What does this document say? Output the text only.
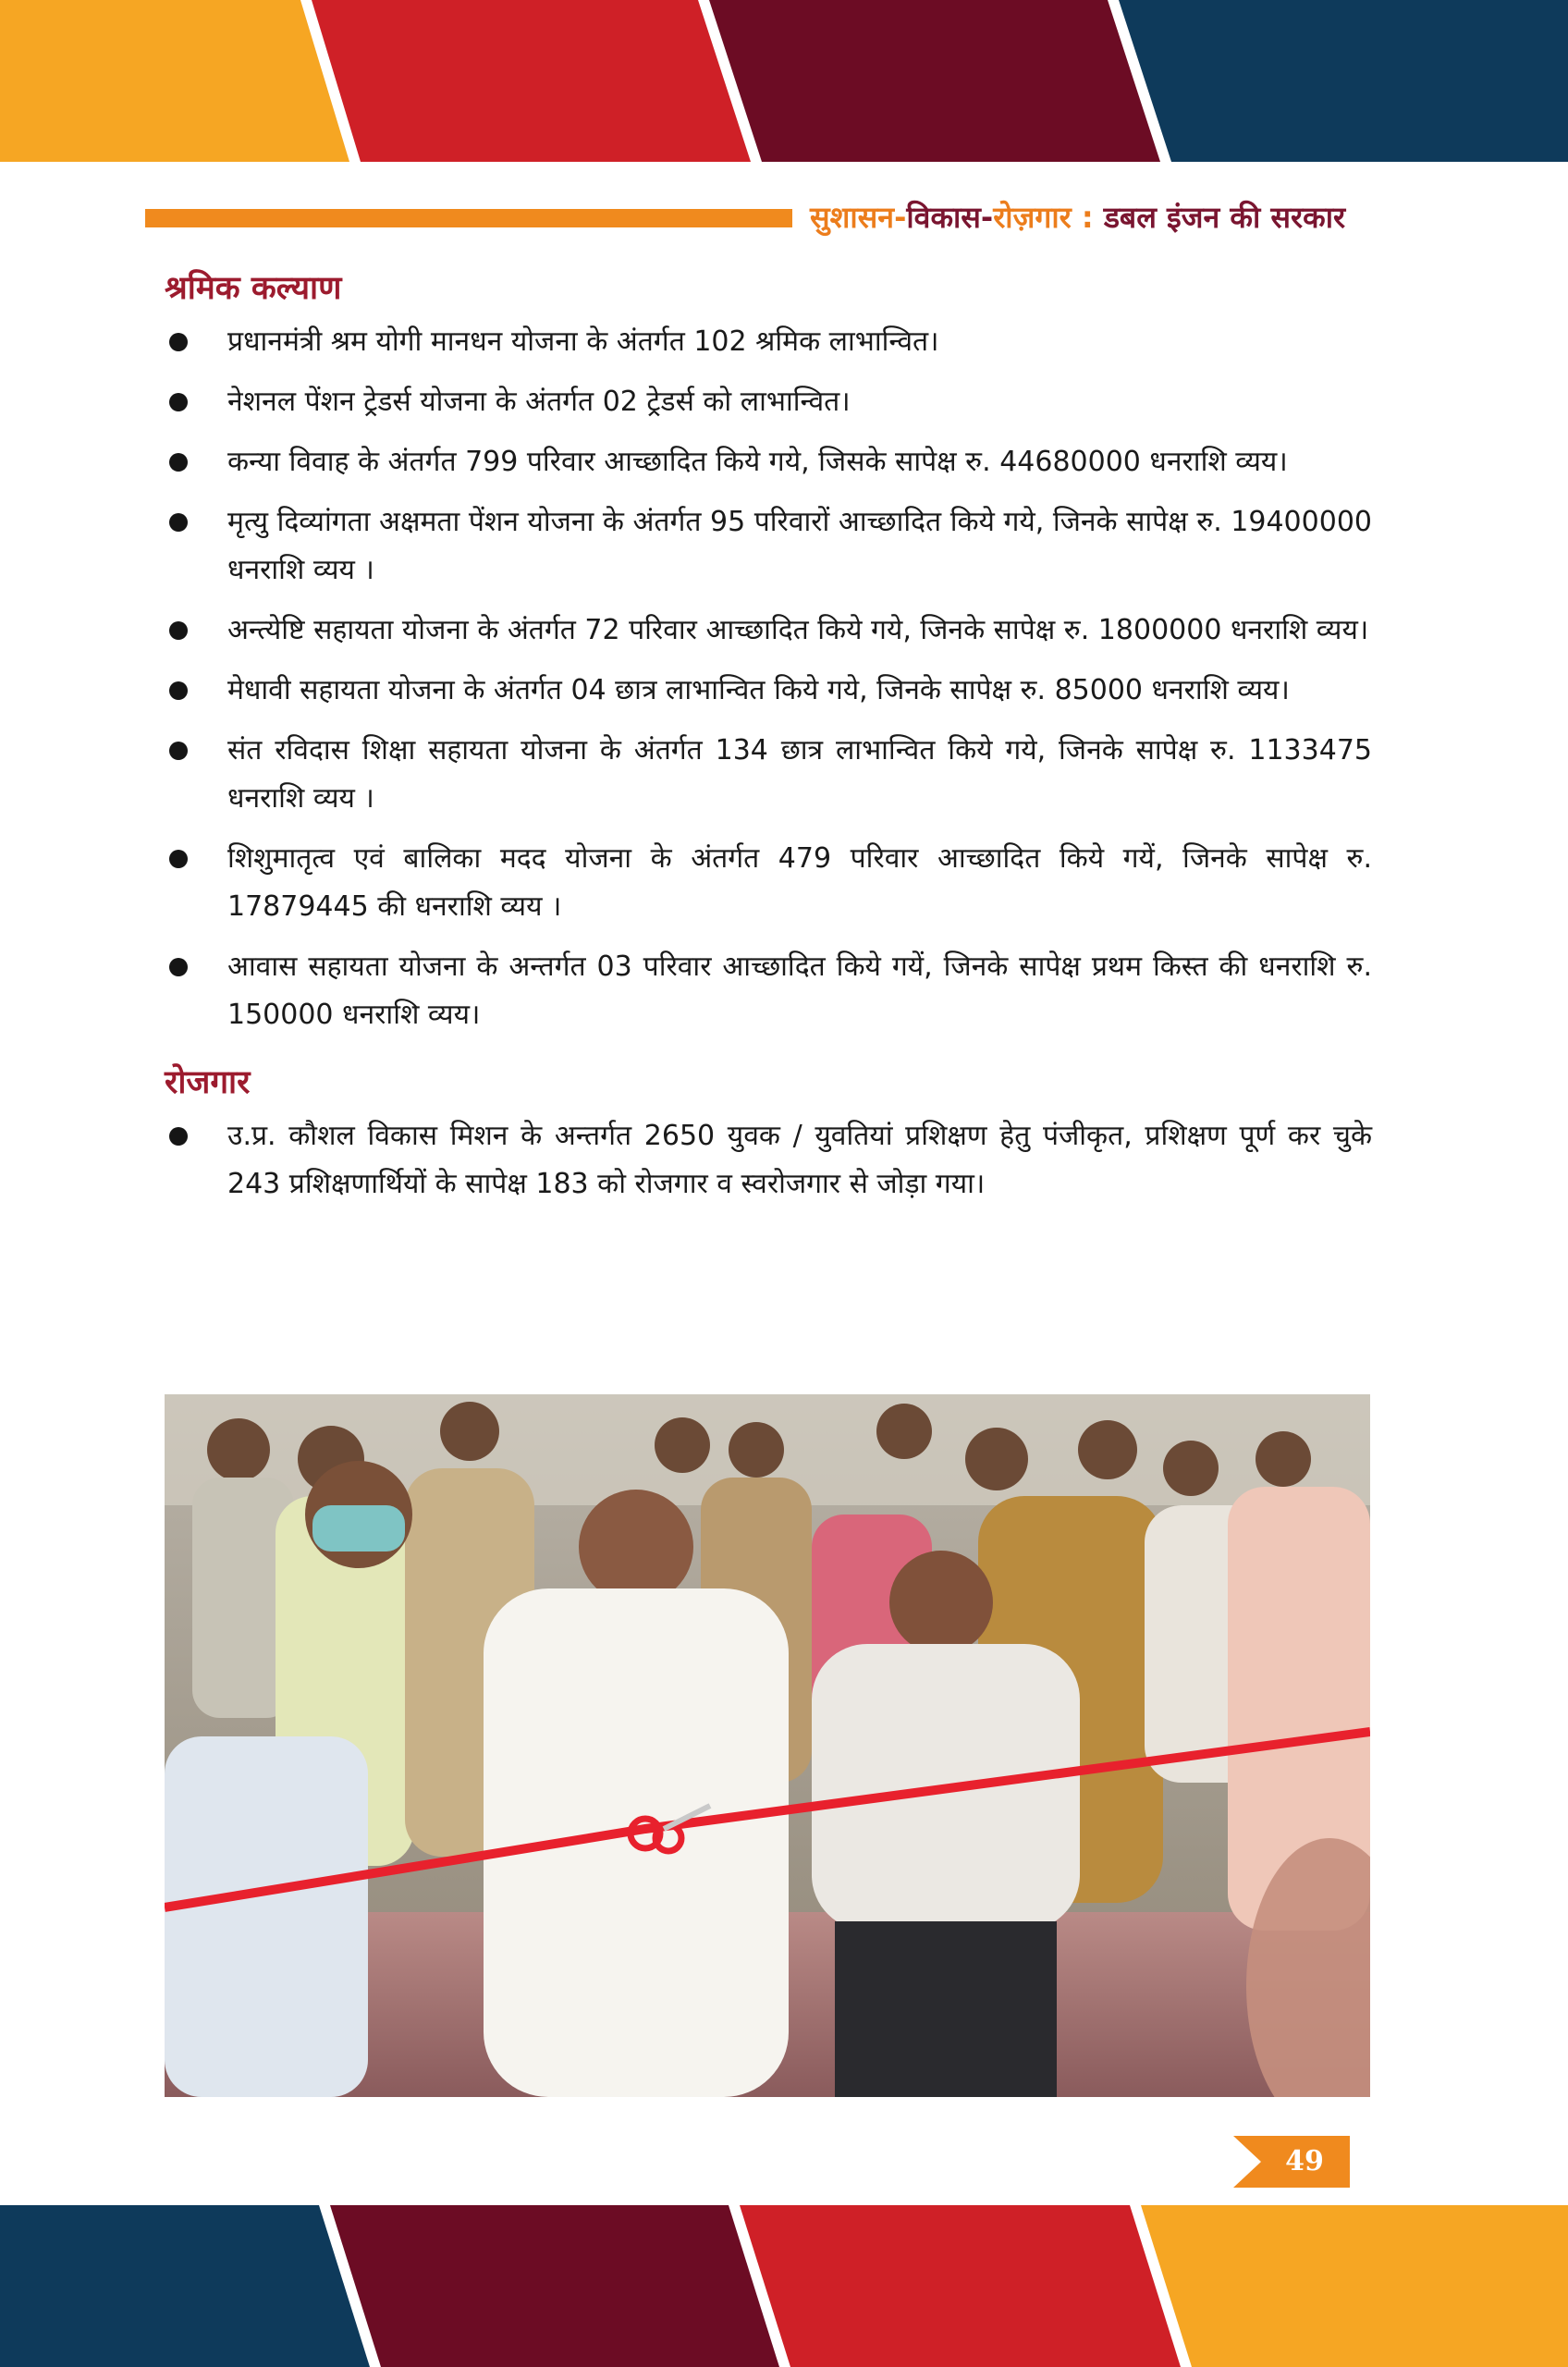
सुशासन-विकास-रोज़गार : डबल इंजन की सरकार
श्रमिक कल्याण
प्रधानमंत्री श्रम योगी मानधन योजना के अंतर्गत 102 श्रमिक लाभान्वित।
नेशनल पेंशन ट्रेडर्स योजना के अंतर्गत 02 ट्रेडर्स को लाभान्वित।
कन्या विवाह के अंतर्गत 799 परिवार आच्छादित किये गये, जिसके सापेक्ष रु. 44680000 धनराशि व्यय।
मृत्यु दिव्यांगता अक्षमता पेंशन योजना के अंतर्गत 95 परिवारों आच्छादित किये गये, जिनके सापेक्ष रु. 19400000 धनराशि व्यय ।
अन्त्येष्टि सहायता योजना के अंतर्गत 72 परिवार आच्छादित किये गये, जिनके सापेक्ष रु. 1800000 धनराशि व्यय।
मेधावी सहायता योजना के अंतर्गत 04 छात्र लाभान्वित किये गये, जिनके सापेक्ष रु. 85000 धनराशि व्यय।
संत रविदास शिक्षा सहायता योजना के अंतर्गत 134 छात्र लाभान्वित किये गये, जिनके सापेक्ष रु. 1133475 धनराशि व्यय ।
शिशुमातृत्व एवं बालिका मदद योजना के अंतर्गत 479 परिवार आच्छादित किये गयें, जिनके सापेक्ष रु. 17879445 की धनराशि व्यय ।
आवास सहायता योजना के अन्तर्गत 03 परिवार आच्छादित किये गयें, जिनके सापेक्ष प्रथम किस्त की धनराशि रु. 150000 धनराशि व्यय।
रोजगार
उ.प्र. कौशल विकास मिशन के अन्तर्गत 2650 युवक / युवतियां प्रशिक्षण हेतु पंजीकृत, प्रशिक्षण पूर्ण कर चुके 243 प्रशिक्षणार्थियों के सापेक्ष 183 को रोजगार व स्वरोजगार से जोड़ा गया।
49
